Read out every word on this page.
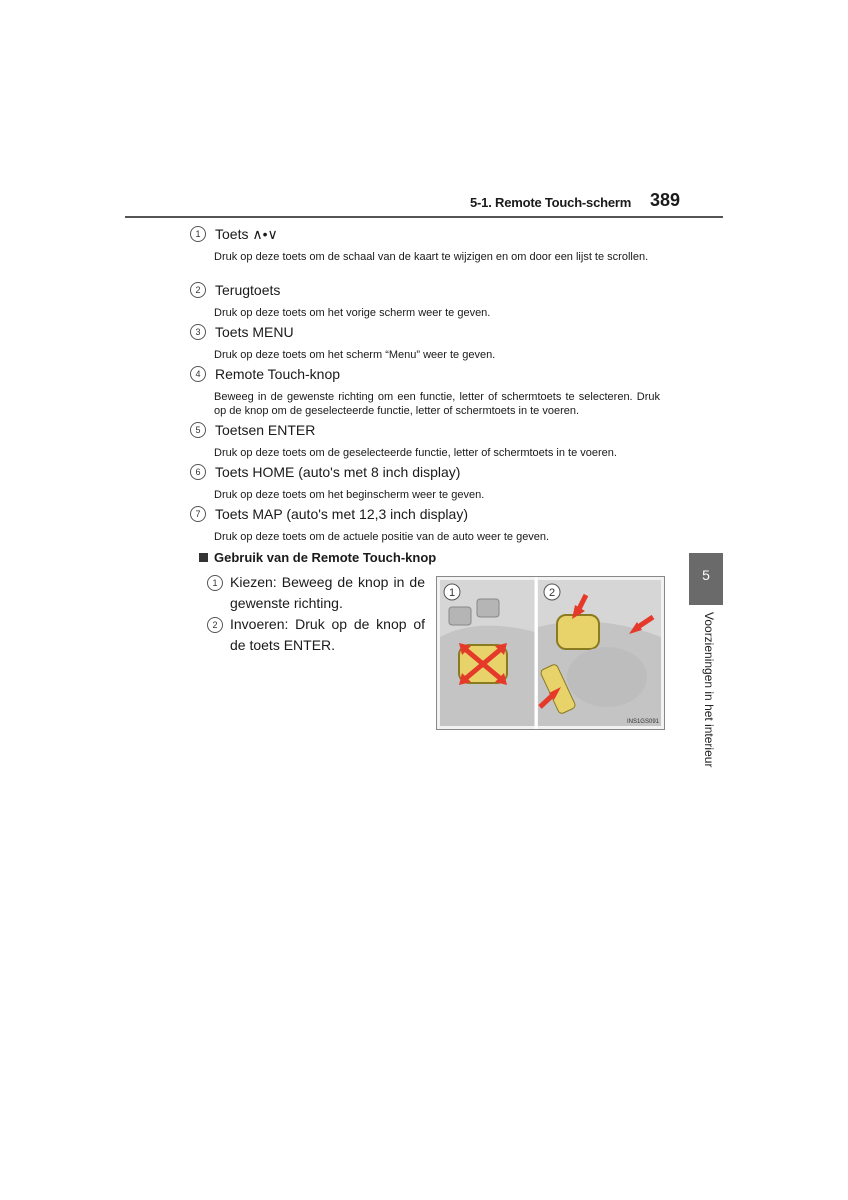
5-1. Remote Touch-scherm 389
1	Toets ∧•∨
Druk op deze toets om de schaal van de kaart te wijzigen en om door een lijst te scrollen.
2	Terugtoets
Druk op deze toets om het vorige scherm weer te geven.
3	Toets MENU
Druk op deze toets om het scherm “Menu” weer te geven.
4	Remote Touch-knop
Beweeg in de gewenste richting om een functie, letter of schermtoets te selecteren. Druk op de knop om de geselecteerde functie, letter of schermtoets in te voeren.
5	Toetsen ENTER
Druk op deze toets om de geselecteerde functie, letter of schermtoets in te voeren.
6	Toets HOME (auto's met 8 inch display)
Druk op deze toets om het beginscherm weer te geven.
7	Toets MAP (auto's met 12,3 inch display)
Druk op deze toets om de actuele positie van de auto weer te geven.
Gebruik van de Remote Touch-knop
1 Kiezen: Beweeg de knop in de gewenste richting.
2 Invoeren: Druk op de knop of de toets ENTER.
1	2
INS1GS091
5
Voorzieningen in het interieur
